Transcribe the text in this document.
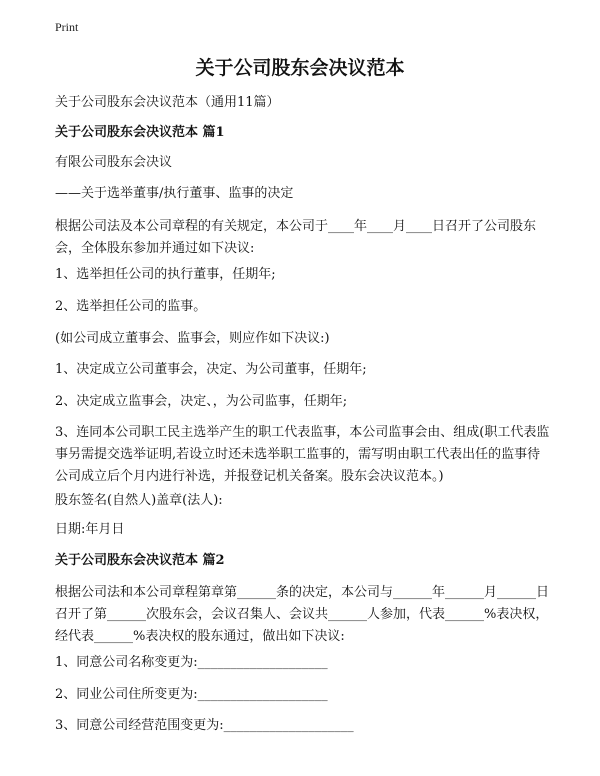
Print
关于公司股东会决议范本

关于公司股东会决议范本（通用11篇）

关于公司股东会决议范本 篇1

有限公司股东会决议

——关于选举董事/执行董事、监事的决定

根据公司法及本公司章程的有关规定，本公司于____年____月____日召开了公司股东会，全体股东参加并通过如下决议:

1、选举担任公司的执行董事，任期年;

2、选举担任公司的监事。

(如公司成立董事会、监事会，则应作如下决议:)

1、决定成立公司董事会，决定、为公司董事，任期年;

2、决定成立监事会，决定、，为公司监事，任期年;

3、连同本公司职工民主选举产生的职工代表监事，本公司监事会由、组成(职工代表监事另需提交选举证明,若设立时还未选举职工监事的，需写明由职工代表出任的监事待公司成立后个月内进行补选，并报登记机关备案。股东会决议范本。)

股东签名(自然人)盖章(法人):

日期:年月日

关于公司股东会决议范本 篇2

根据公司法和本公司章程第章第______条的决定，本公司与______年______月______日召开了第______次股东会，会议召集人、会议共______人参加，代表______%表决权，经代表______%表决权的股东通过，做出如下决议:

1、同意公司名称变更为:____________________

2、同业公司住所变更为:____________________

3、同意公司经营范围变更为:____________________
